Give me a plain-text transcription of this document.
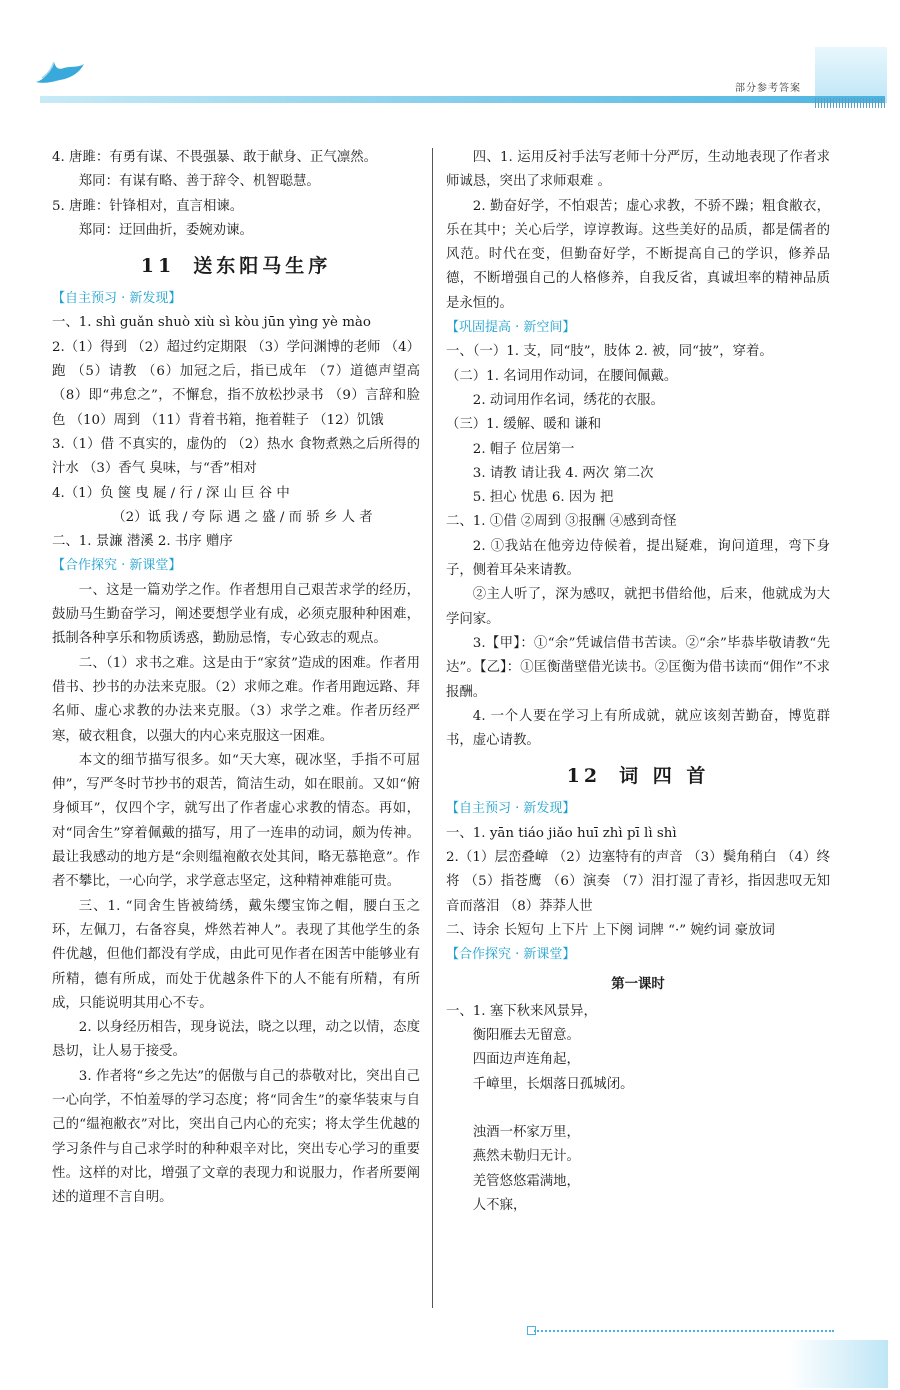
部分参考答案

4. 唐雎：有勇有谋、不畏强暴、敢于献身、正气凛然。

郑同：有谋有略、善于辞令、机智聪慧。

5. 唐雎：针锋相对，直言相谏。

郑同：迂回曲折，委婉劝谏。

11 送东阳马生序

【自主预习 · 新发现】

一、1. shì guǎn shuò xiù sì kòu jūn yìng yè mào

2.（1）得到 （2）超过约定期限 （3）学问渊博的老师 （4）跑 （5）请教 （6）加冠之后，指已成年 （7）道德声望高 （8）即“弗怠之”，不懈怠，指不放松抄录书 （9）言辞和脸色 （10）周到 （11）背着书箱，拖着鞋子 （12）饥饿

3.（1）借 不真实的，虚伪的 （2）热水 食物煮熟之后所得的汁水 （3）香气 臭味，与“香”相对

4.（1）负 箧 曳 屣 / 行 / 深 山 巨 谷 中

（2）诋 我 / 夸 际 遇 之 盛 / 而 骄 乡 人 者

二、1. 景濂 潜溪 2. 书序 赠序

【合作探究 · 新课堂】

一、这是一篇劝学之作。作者想用自己艰苦求学的经历，鼓励马生勤奋学习，阐述要想学业有成，必须克服种种困难，抵制各种享乐和物质诱惑，勤励忌惰，专心致志的观点。

二、（1）求书之难。这是由于“家贫”造成的困难。作者用借书、抄书的办法来克服。（2）求师之难。作者用跑远路、拜名师、虚心求教的办法来克服。（3）求学之难。作者历经严寒，破衣粗食，以强大的内心来克服这一困难。

本文的细节描写很多。如“天大寒，砚冰坚，手指不可屈伸”，写严冬时节抄书的艰苦，简洁生动，如在眼前。又如“俯身倾耳”，仅四个字，就写出了作者虚心求教的情态。再如，对“同舍生”穿着佩戴的描写，用了一连串的动词，颇为传神。最让我感动的地方是“余则缊袍敝衣处其间，略无慕艳意”。作者不攀比，一心向学，求学意志坚定，这种精神难能可贵。

三、1. “同舍生皆被绮绣，戴朱缨宝饰之帽，腰白玉之环，左佩刀，右备容臭，烨然若神人”。表现了其他学生的条件优越，但他们都没有学成，由此可见作者在困苦中能够业有所精，德有所成，而处于优越条件下的人不能有所精，有所成，只能说明其用心不专。

2. 以身经历相告，现身说法，晓之以理，动之以情，态度恳切，让人易于接受。

3. 作者将“乡之先达”的倨傲与自己的恭敬对比，突出自己一心向学，不怕羞辱的学习态度；将“同舍生”的豪华装束与自己的“缊袍敝衣”对比，突出自己内心的充实；将太学生优越的学习条件与自己求学时的种种艰辛对比，突出专心学习的重要性。这样的对比，增强了文章的表现力和说服力，作者所要阐述的道理不言自明。

四、1. 运用反衬手法写老师十分严厉，生动地表现了作者求师诚恳，突出了求师艰难 。

2. 勤奋好学，不怕艰苦；虚心求教，不骄不躁；粗食敝衣，乐在其中；关心后学，谆谆教诲。这些美好的品质，都是儒者的风范。时代在变，但勤奋好学，不断提高自己的学识，修养品德，不断增强自己的人格修养，自我反省，真诚坦率的精神品质是永恒的。

【巩固提高 · 新空间】

一、（一）1. 支，同“肢”，肢体 2. 被，同“披”，穿着。

（二）1. 名词用作动词，在腰间佩戴。

2. 动词用作名词，绣花的衣服。

（三）1. 缓解、暖和 谦和

2. 帽子 位居第一

3. 请教 请让我 4. 两次 第二次

5. 担心 忧患 6. 因为 把

二、1. ①借 ②周到 ③报酬 ④感到奇怪

2. ①我站在他旁边侍候着，提出疑难，询问道理，弯下身子，侧着耳朵来请教。

②主人听了，深为感叹，就把书借给他，后来，他就成为大学问家。

3.【甲】：①“余”凭诚信借书苦读。②“余”毕恭毕敬请教“先达”。【乙】：①匡衡凿壁借光读书。②匡衡为借书读而“佣作”不求报酬。

4. 一个人要在学习上有所成就，就应该刻苦勤奋，博览群书，虚心请教。

12 词 四 首

【自主预习 · 新发现】

一、1. yān tiáo jiǎo huī zhì pī lì shì

2.（1）层峦叠嶂 （2）边塞特有的声音 （3）鬓角稍白 （4）终将 （5）指苍鹰 （6）演奏 （7）泪打湿了青衫，指因悲叹无知音而落泪 （8）莽莽人世

二、诗余 长短句 上下片 上下阕 词牌 “·” 婉约词 豪放词

【合作探究 · 新课堂】

第一课时

一、1. 塞下秋来风景异，

衡阳雁去无留意。

四面边声连角起，

千嶂里，长烟落日孤城闭。

浊酒一杯家万里，

燕然未勒归无计。

羌管悠悠霜满地，

人不寐，
